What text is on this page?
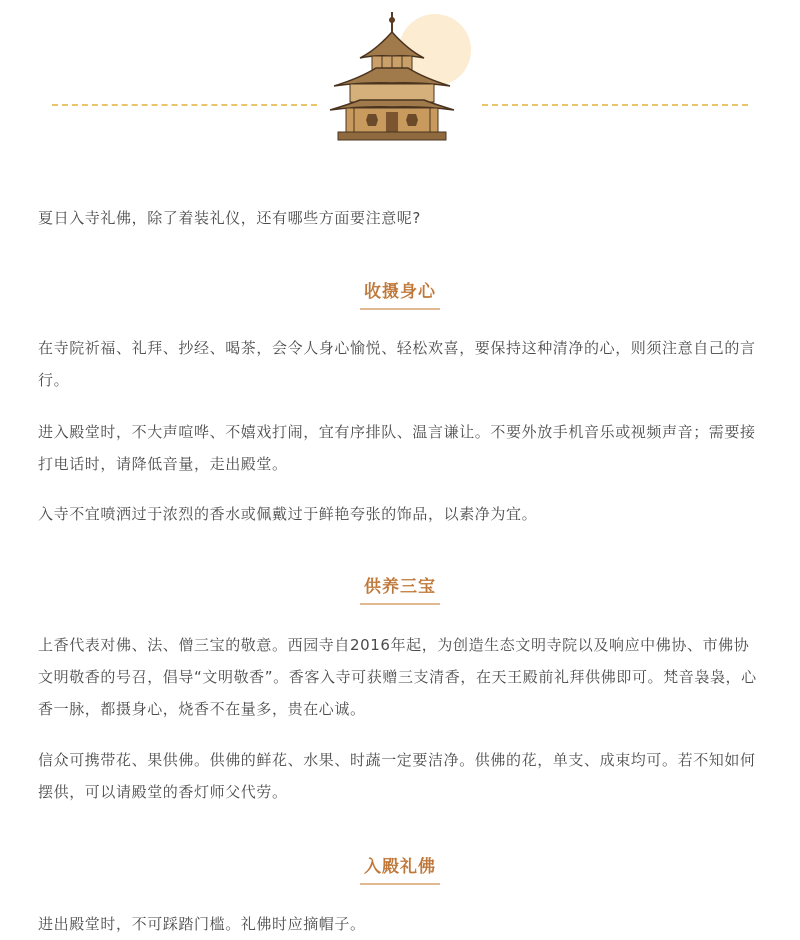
夏日入寺礼佛，除了着装礼仪，还有哪些方面要注意呢?

收摄身心

在寺院祈福、礼拜、抄经、喝茶，会令人身心愉悦、轻松欢喜，要保持这种清净的心，则须注意自己的言行。

进入殿堂时，不大声喧哗、不嬉戏打闹，宜有序排队、温言谦让。不要外放手机音乐或视频声音；需要接打电话时，请降低音量，走出殿堂。

入寺不宜喷洒过于浓烈的香水或佩戴过于鲜艳夸张的饰品，以素净为宜。

供养三宝

上香代表对佛、法、僧三宝的敬意。西园寺自2016年起，为创造生态文明寺院以及响应中佛协、市佛协文明敬香的号召，倡导“文明敬香”。香客入寺可获赠三支清香，在天王殿前礼拜供佛即可。梵音袅袅，心香一脉，都摄身心，烧香不在量多，贵在心诚。

信众可携带花、果供佛。供佛的鲜花、水果、时蔬一定要洁净。供佛的花，单支、成束均可。若不知如何摆供，可以请殿堂的香灯师父代劳。

入殿礼佛

进出殿堂时，不可踩踏门槛。礼佛时应摘帽子。
